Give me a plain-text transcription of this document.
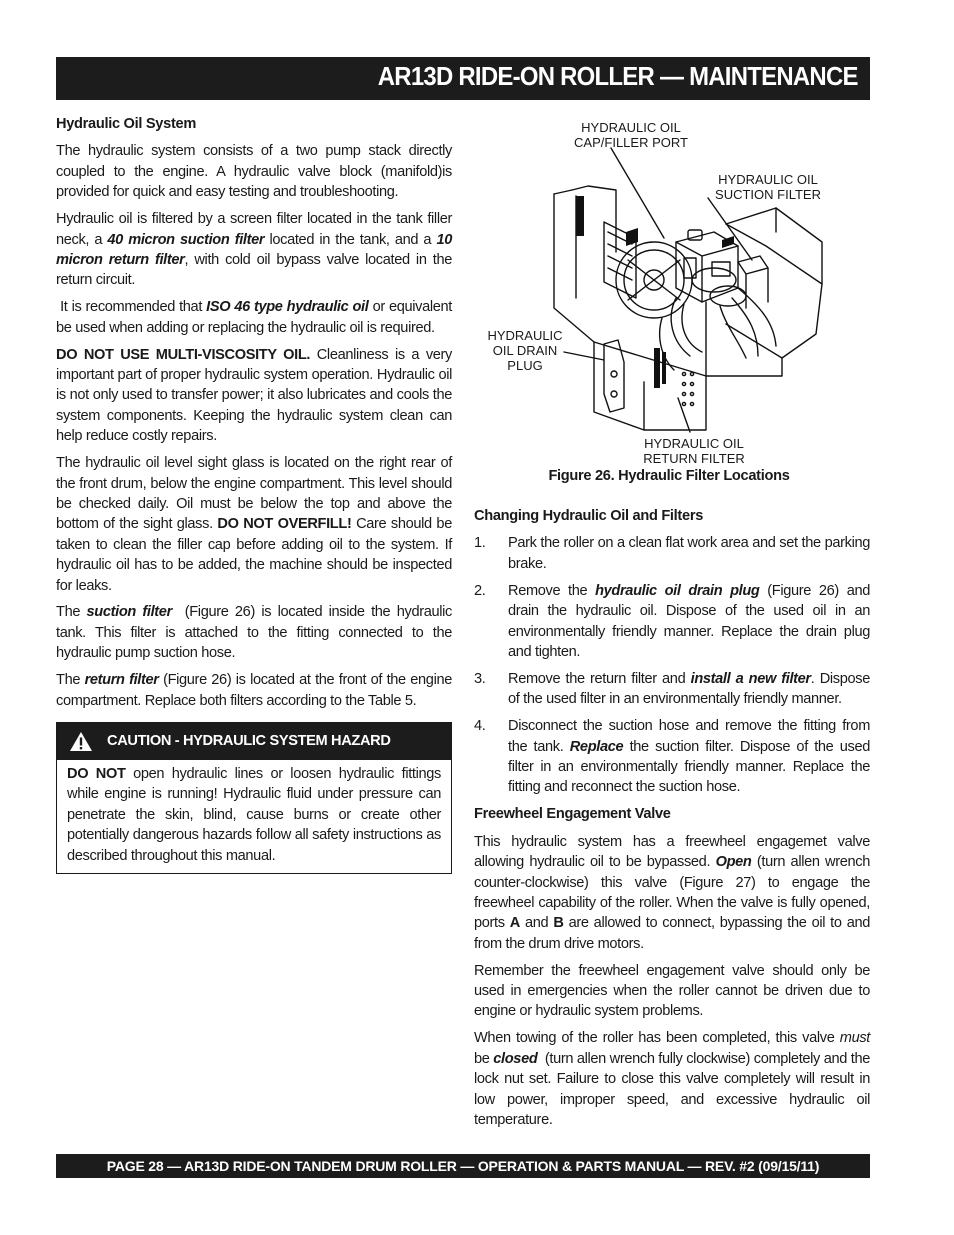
AR13D RIDE-ON ROLLER — MAINTENANCE
Hydraulic Oil System

The hydraulic system consists of a two pump stack directly coupled to the engine. A hydraulic valve block (manifold)is provided for quick and easy testing and troubleshooting.

Hydraulic oil is filtered by a screen filter located in the tank filler neck, a 40 micron suction filter located in the tank, and a 10 micron return filter, with cold oil bypass valve located in the return circuit.

It is recommended that ISO 46 type hydraulic oil or equivalent be used when adding or replacing the hydraulic oil is required.

DO NOT USE MULTI-VISCOSITY OIL. Cleanliness is a very important part of proper hydraulic system operation. Hydraulic oil is not only used to transfer power; it also lubricates and cools the system components. Keeping the hydraulic system clean can help reduce costly repairs.

The hydraulic oil level sight glass is located on the right rear of the front drum, below the engine compartment. This level should be checked daily. Oil must be below the top and above the bottom of the sight glass. DO NOT OVERFILL! Care should be taken to clean the filler cap before adding oil to the system. If hydraulic oil has to be added, the machine should be inspected for leaks.

The suction filter  (Figure 26) is located inside the hydraulic tank. This filter is attached to the fitting connected to the hydraulic pump suction hose.

The return filter (Figure 26) is located at the front of the engine compartment. Replace both filters according to the Table 5.

CAUTION - HYDRAULIC SYSTEM HAZARD
DO NOT open hydraulic lines or loosen hydraulic fittings while engine is running! Hydraulic fluid under pressure can penetrate the skin, blind, cause burns or create other potentially dangerous hazards follow all safety instructions as described throughout this manual.
HYDRAULIC OIL
CAP/FILLER PORT
HYDRAULIC OIL
SUCTION FILTER
HYDRAULIC
OIL DRAIN
PLUG
HYDRAULIC OIL
RETURN FILTER
Figure 26. Hydraulic Filter Locations
Changing Hydraulic Oil and Filters
1. Park the roller on a clean flat work area and set the parking brake.
2. Remove the hydraulic oil drain plug (Figure 26) and drain the hydraulic oil. Dispose of the used oil in an environmentally friendly manner. Replace the drain plug and tighten.
3. Remove the return filter and install a new filter. Dispose of the used filter in an environmentally friendly manner.
4. Disconnect the suction hose and remove the fitting from the tank. Replace the suction filter. Dispose of the used filter in an environmentally friendly manner. Replace the fitting and reconnect the suction hose.
Freewheel Engagement Valve

This hydraulic system has a freewheel engagemet valve allowing hydraulic oil to be bypassed. Open (turn allen wrench counter-clockwise) this valve (Figure 27) to engage the freewheel capability of the roller. When the valve is fully opened, ports A and B are allowed to connect, bypassing the oil to and from the drum drive motors.

Remember the freewheel engagement valve should only be used in emergencies when the roller cannot be driven due to engine or hydraulic system problems.

When towing of the roller has been completed, this valve must be closed  (turn allen wrench fully clockwise) completely and the lock nut set. Failure to close this valve completely will result in low power, improper speed, and excessive hydraulic oil temperature.

PAGE 28 — AR13D RIDE-ON TANDEM DRUM ROLLER — OPERATION & PARTS MANUAL — REV. #2 (09/15/11)
